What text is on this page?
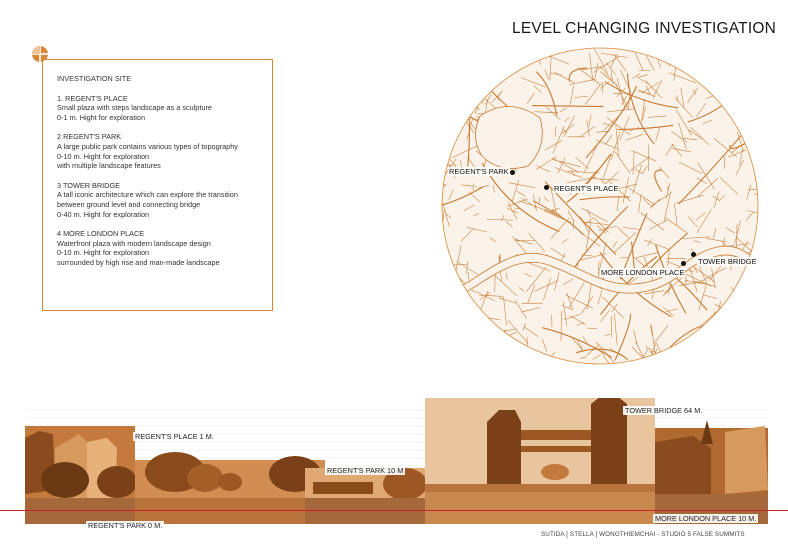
LEVEL CHANGING INVESTIGATION
INVESTIGATION SITE
1. REGENT'S PLACE
Small plaza with steps landscape as a sculpture
0-1 m. Hight for exploration
2 REGENT'S PARK
A large public park contains various types of topography
0-10 m. Hight for exploration
with multiple landscape features
3 TOWER BRIDGE
A tall iconic architecture which can explore the transition
between ground level and connecting bridge
0-40 m. Hight for exploration
4 MORE LONDON PLACE
Waterfront plaza with modern landscape design
0-10 m. Hight for exploration
surrounded by high rise and man-made landscape
REGENT'S PARK
REGENT'S PLACE
TOWER BRIDGE
MORE LONDON PLACE
REGENT'S PLACE 1 M.
REGENT'S PARK 10 M
TOWER BRIDGE 64 M.
MORE LONDON PLACE 10 M.
REGENT'S PARK 0 M.
SUTIDA [ STELLA ] WONGTHIEMCHAI - STUDIO 5 FALSE SUMMITS
